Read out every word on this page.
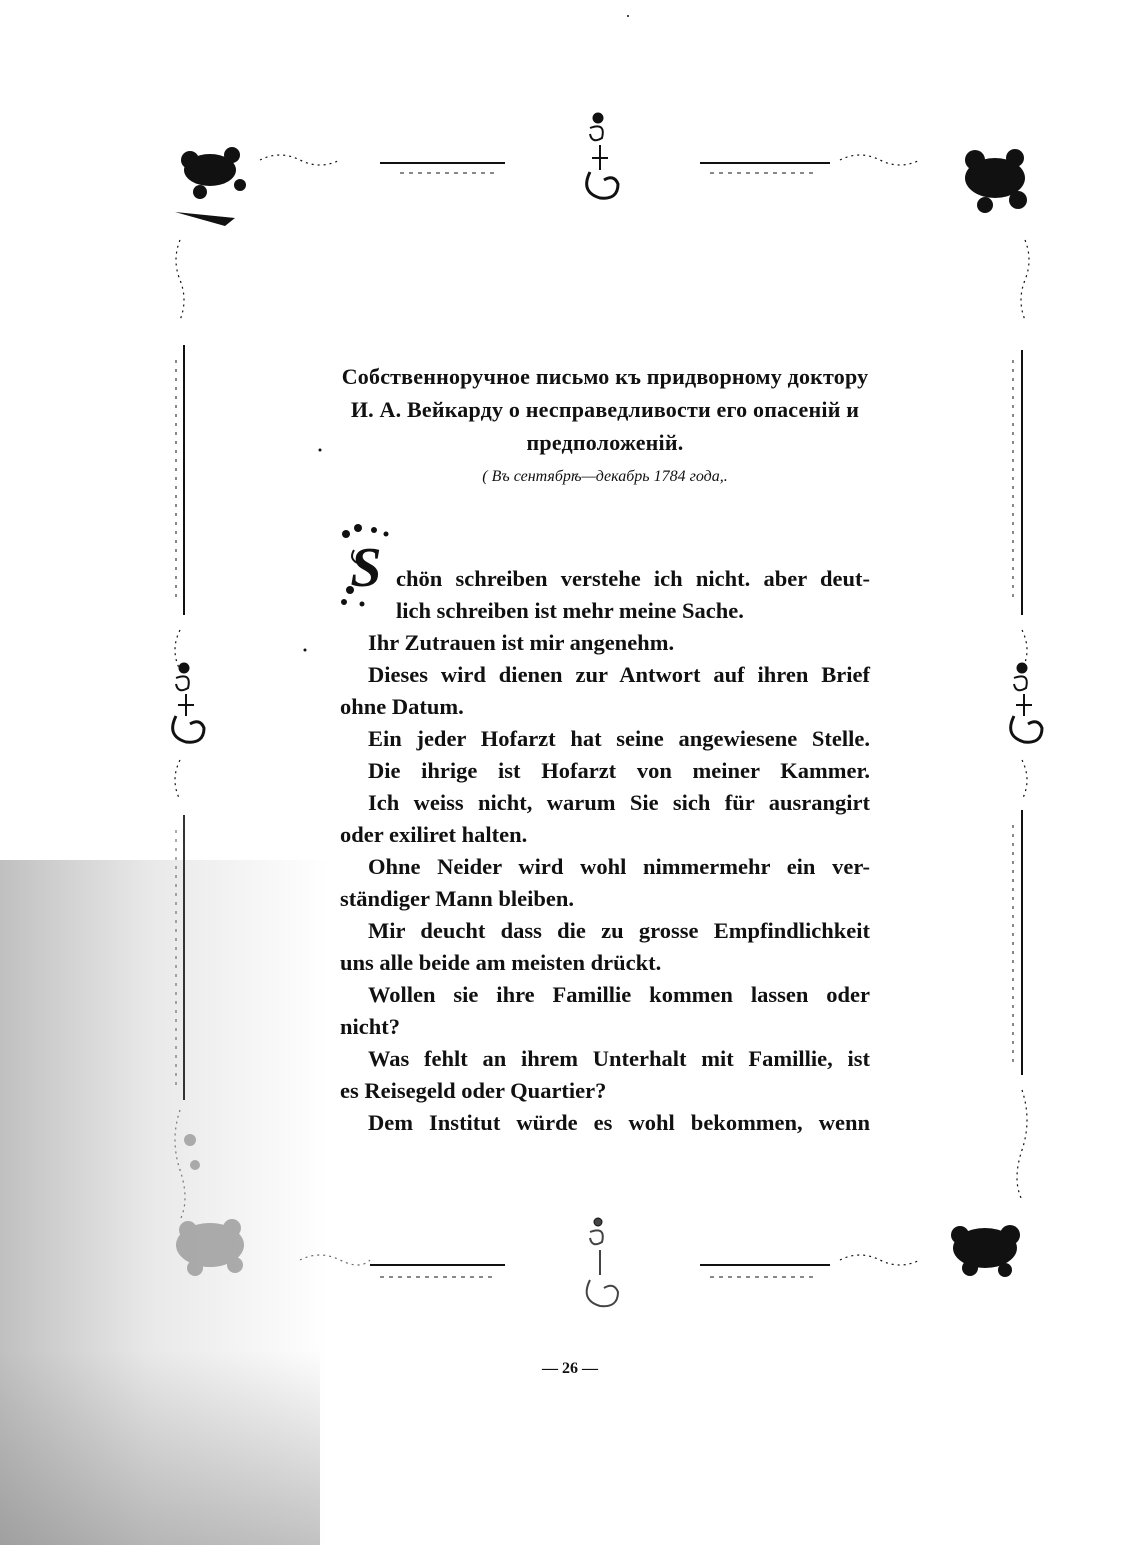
Собственноручное письмо къ придворному доктору
И. А. Вейкарду о несправедливости его опасеній и
предположеній.
( Въ сентябрѣ—декабрь 1784 года,.
S chön schreiben verstehe ich nicht. aber deut-

lich schreiben ist mehr meine Sache.

Ihr Zutrauen ist mir angenehm.

Dieses wird dienen zur Antwort auf ihren Brief

ohne Datum.

Ein jeder Hofarzt hat seine angewiesene Stelle.

Die ihrige ist Hofarzt von meiner Kammer.

Ich weiss nicht, warum Sie sich für ausrangirt

oder exiliret halten.

Ohne Neider wird wohl nimmermehr ein ver-

ständiger Mann bleiben.

Mir deucht dass die zu grosse Empfindlichkeit

uns alle beide am meisten drückt.

Wollen sie ihre Famillie kommen lassen oder

nicht?

Was fehlt an ihrem Unterhalt mit Famillie, ist

es Reisegeld oder Quartier?

Dem Institut würde es wohl bekommen, wenn

— 26 —
